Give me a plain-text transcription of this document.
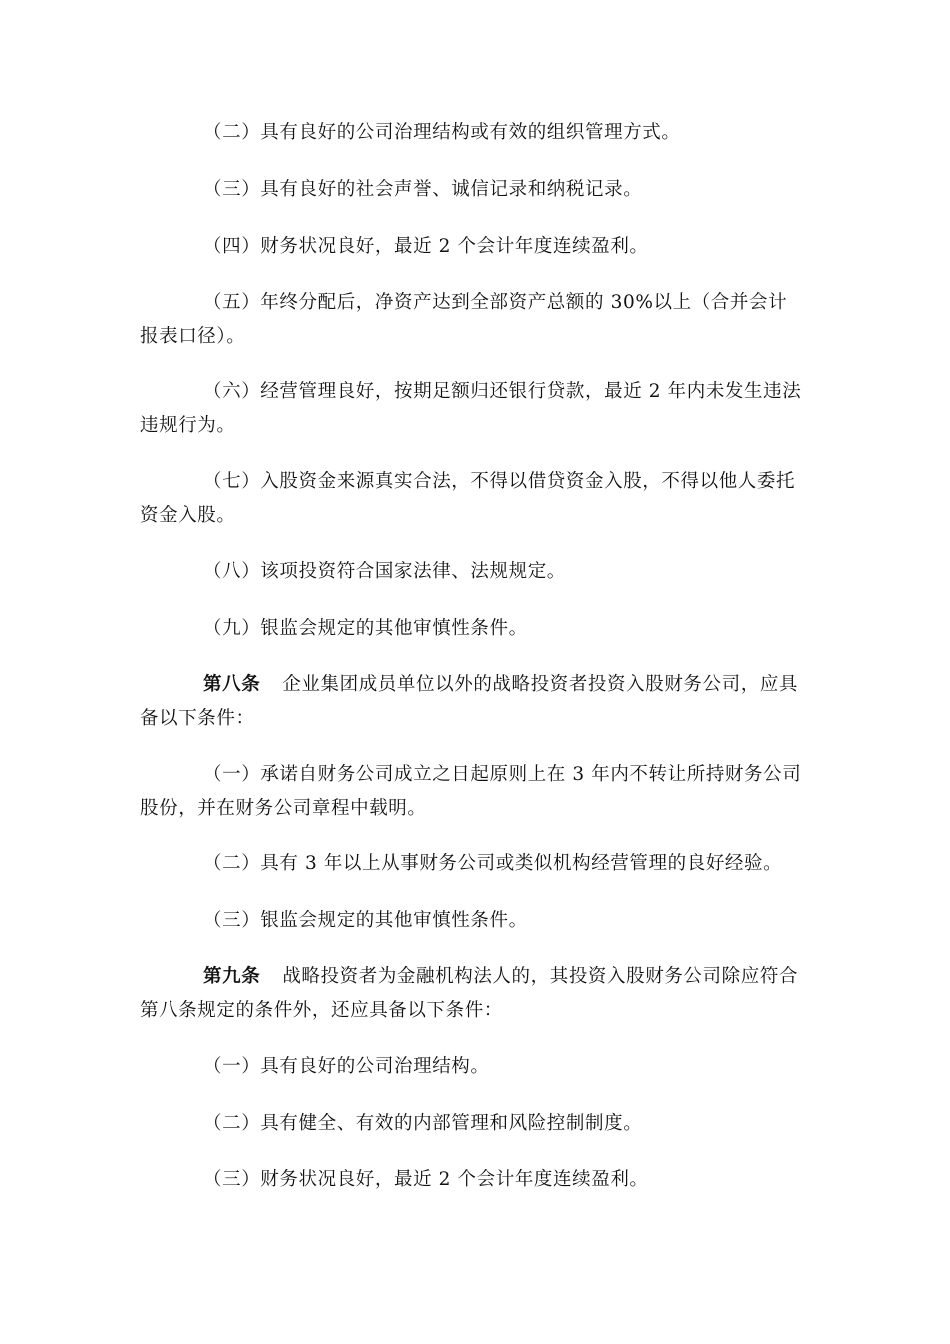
（二）具有良好的公司治理结构或有效的组织管理方式。

（三）具有良好的社会声誉、诚信记录和纳税记录。

（四）财务状况良好，最近 2 个会计年度连续盈利。

（五）年终分配后，净资产达到全部资产总额的 30%以上（合并会计报表口径）。

（六）经营管理良好，按期足额归还银行贷款，最近 2 年内未发生违法违规行为。

（七）入股资金来源真实合法，不得以借贷资金入股，不得以他人委托资金入股。

（八）该项投资符合国家法律、法规规定。

（九）银监会规定的其他审慎性条件。

第八条 企业集团成员单位以外的战略投资者投资入股财务公司，应具备以下条件：

（一）承诺自财务公司成立之日起原则上在 3 年内不转让所持财务公司股份，并在财务公司章程中载明。

（二）具有 3 年以上从事财务公司或类似机构经营管理的良好经验。

（三）银监会规定的其他审慎性条件。

第九条 战略投资者为金融机构法人的，其投资入股财务公司除应符合第八条规定的条件外，还应具备以下条件：

（一）具有良好的公司治理结构。

（二）具有健全、有效的内部管理和风险控制制度。

（三）财务状况良好，最近 2 个会计年度连续盈利。
